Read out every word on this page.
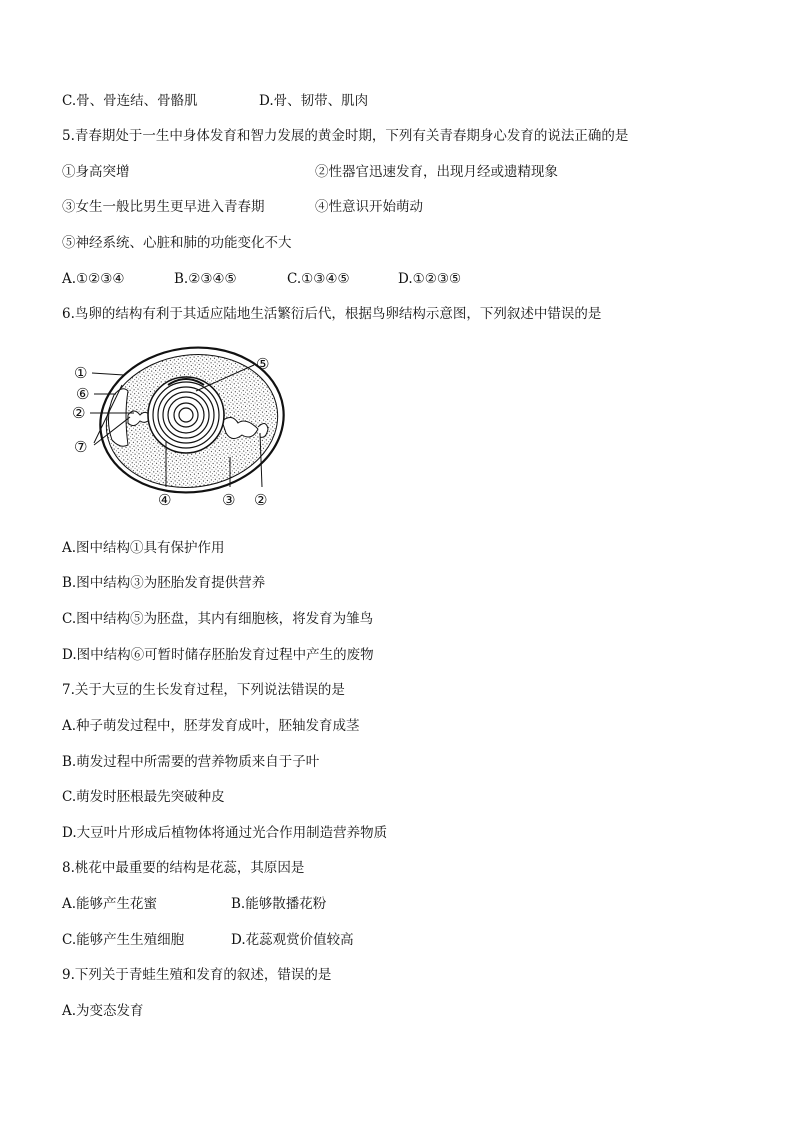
C.骨、骨连结、骨骼肌	D.骨、韧带、肌肉
5.青春期处于一生中身体发育和智力发展的黄金时期，下列有关青春期身心发育的说法正确的是
①身高突增	②性器官迅速发育，出现月经或遗精现象
③女生一般比男生更早进入青春期	④性意识开始萌动
⑤神经系统、心脏和肺的功能变化不大
A.①②③④	B.②③④⑤	C.①③④⑤	D.①②③⑤
6.鸟卵的结构有利于其适应陆地生活繁衍后代，根据鸟卵结构示意图，下列叙述中错误的是
①
⑥
②
⑦
⑤
④	③ ②
A.图中结构①具有保护作用
B.图中结构③为胚胎发育提供营养
C.图中结构⑤为胚盘，其内有细胞核，将发育为雏鸟
D.图中结构⑥可暂时储存胚胎发育过程中产生的废物
7.关于大豆的生长发育过程，下列说法错误的是
A.种子萌发过程中，胚芽发育成叶，胚轴发育成茎
B.萌发过程中所需要的营养物质来自于子叶
C.萌发时胚根最先突破种皮
D.大豆叶片形成后植物体将通过光合作用制造营养物质
8.桃花中最重要的结构是花蕊，其原因是
A.能够产生花蜜	B.能够散播花粉
C.能够产生生殖细胞	D.花蕊观赏价值较高
9.下列关于青蛙生殖和发育的叙述，错误的是
A.为变态发育
